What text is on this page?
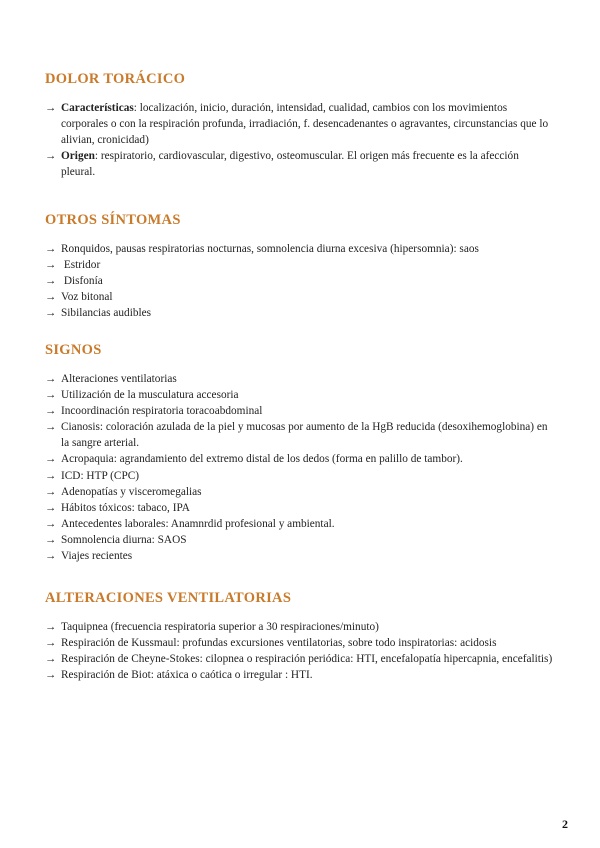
DOLOR TORÁCICO
→ Características: localización, inicio, duración, intensidad, cualidad, cambios con los movimientos corporales o con la respiración profunda, irradiación, f. desencadenantes o agravantes, circunstancias que lo alivian, cronicidad)
→ Origen: respiratorio, cardiovascular, digestivo, osteomuscular. El origen más frecuente es la afección pleural.
OTROS SÍNTOMAS
→ Ronquidos, pausas respiratorias nocturnas, somnolencia diurna excesiva (hipersomnia): saos
→ Estridor
→ Disfonía
→ Voz bitonal
→ Sibilancias audibles
SIGNOS
→ Alteraciones ventilatorias
→ Utilización de la musculatura accesoria
→ Incoordinación respiratoria toracoabdominal
→ Cianosis: coloración azulada de la piel y mucosas por aumento de la HgB reducida (desoxihemoglobina) en la sangre arterial.
→ Acropaquia: agrandamiento del extremo distal de los dedos (forma en palillo de tambor).
→ ICD: HTP (CPC)
→ Adenopatías y visceromegalias
→ Hábitos tóxicos: tabaco, IPA
→ Antecedentes laborales: Anamnrdid profesional y ambiental.
→ Somnolencia diurna: SAOS
→ Viajes recientes
ALTERACIONES VENTILATORIAS
→ Taquipnea (frecuencia respiratoria superior a 30 respiraciones/minuto)
→ Respiración de Kussmaul: profundas excursiones ventilatorias, sobre todo inspiratorias: acidosis
→ Respiración de Cheyne-Stokes: cilopnea o respiración periódica: HTI, encefalopatía hipercapnia, encefalitis)
→ Respiración de Biot: atáxica o caótica o irregular : HTI.
2
